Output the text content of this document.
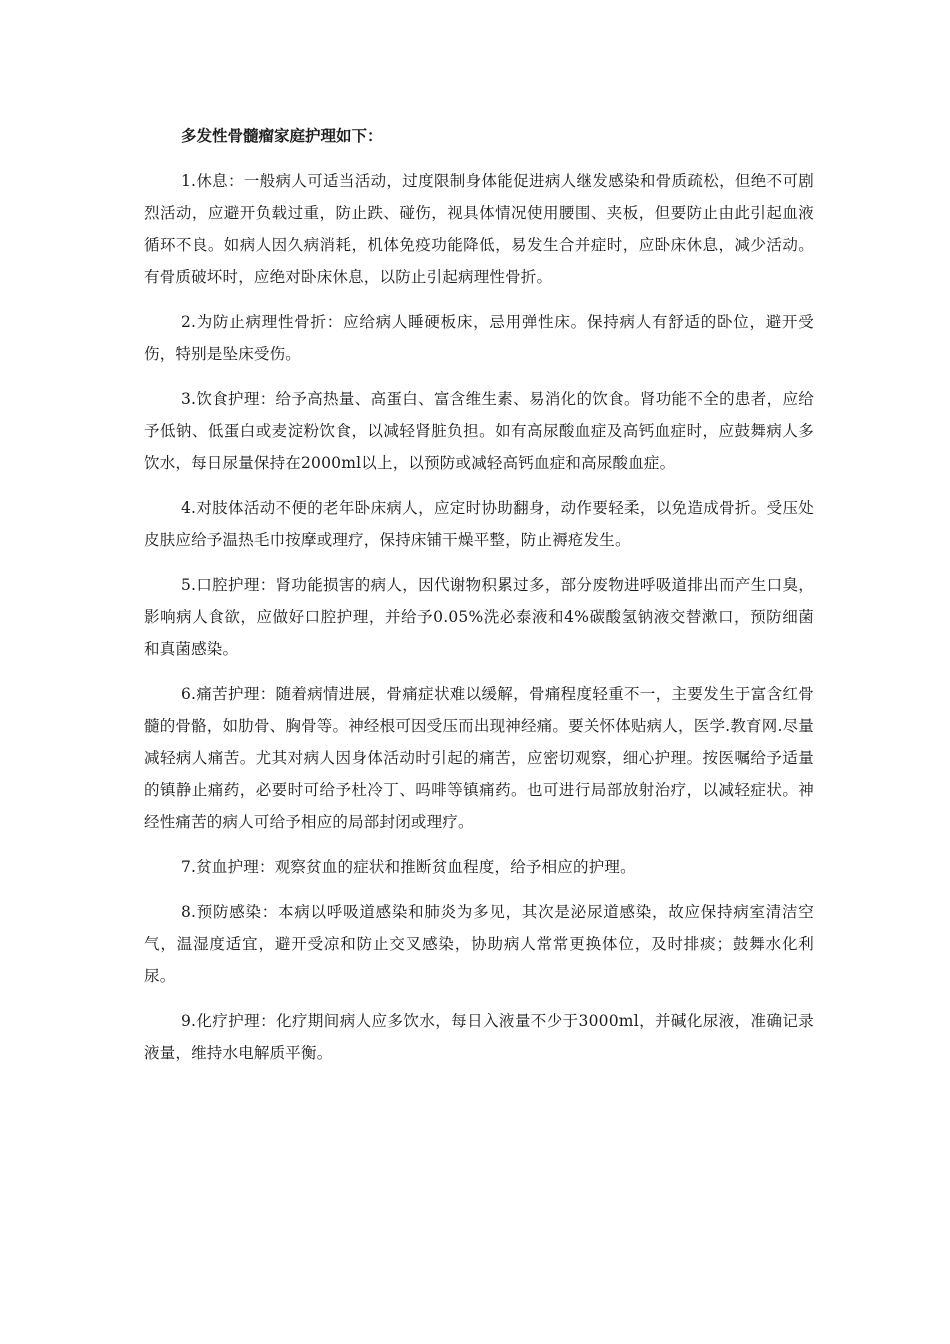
多发性骨髓瘤家庭护理如下：

1.休息：一般病人可适当活动，过度限制身体能促进病人继发感染和骨质疏松，但绝不可剧烈活动，应避开负载过重，防止跌、碰伤，视具体情况使用腰围、夹板，但要防止由此引起血液循环不良。如病人因久病消耗，机体免疫功能降低，易发生合并症时，应卧床休息，减少活动。有骨质破坏时，应绝对卧床休息，以防止引起病理性骨折。

2.为防止病理性骨折：应给病人睡硬板床，忌用弹性床。保持病人有舒适的卧位，避开受伤，特别是坠床受伤。

3.饮食护理：给予高热量、高蛋白、富含维生素、易消化的饮食。肾功能不全的患者，应给予低钠、低蛋白或麦淀粉饮食，以减轻肾脏负担。如有高尿酸血症及高钙血症时，应鼓舞病人多饮水，每日尿量保持在2000ml以上，以预防或减轻高钙血症和高尿酸血症。

4.对肢体活动不便的老年卧床病人，应定时协助翻身，动作要轻柔，以免造成骨折。受压处皮肤应给予温热毛巾按摩或理疗，保持床铺干燥平整，防止褥疮发生。

5.口腔护理：肾功能损害的病人，因代谢物积累过多，部分废物进呼吸道排出而产生口臭，影响病人食欲，应做好口腔护理，并给予0.05%洗必泰液和4%碳酸氢钠液交替漱口，预防细菌和真菌感染。

6.痛苦护理：随着病情进展，骨痛症状难以缓解，骨痛程度轻重不一，主要发生于富含红骨髓的骨骼，如肋骨、胸骨等。神经根可因受压而出现神经痛。要关怀体贴病人，医学.教育网.尽量减轻病人痛苦。尤其对病人因身体活动时引起的痛苦，应密切观察，细心护理。按医嘱给予适量的镇静止痛药，必要时可给予杜冷丁、吗啡等镇痛药。也可进行局部放射治疗，以减轻症状。神经性痛苦的病人可给予相应的局部封闭或理疗。

7.贫血护理：观察贫血的症状和推断贫血程度，给予相应的护理。

8.预防感染：本病以呼吸道感染和肺炎为多见，其次是泌尿道感染，故应保持病室清洁空气，温湿度适宜，避开受凉和防止交叉感染，协助病人常常更换体位，及时排痰；鼓舞水化利尿。

9.化疗护理：化疗期间病人应多饮水，每日入液量不少于3000ml，并碱化尿液，准确记录液量，维持水电解质平衡。
